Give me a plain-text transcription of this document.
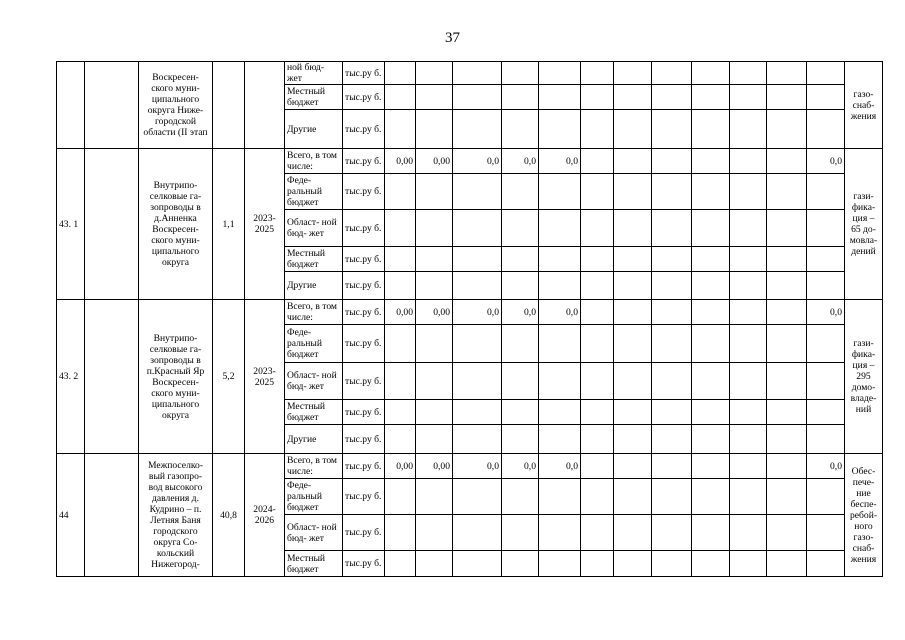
37
		Воскресен- ского муни- ципального округа Ниже- городской области (II этап			ной бюд- жет	тыс.ру б.													газо- снаб- жения
					Местный бюджет	тыс.ру б.													
					Другие	тыс.ру б.													
43. 1		Внутрипо- селковые га- зопроводы в д.Анненка Воскресен- ского муни- ципального округа	1,1	2023- 2025	Всего, в том числе:	тыс.ру б.	0,00	0,00	0,0	0,0	0,0							0,0	гази- фика- ция – 65 до- мовла- дений
					Феде- ральный бюджет	тыс.ру б.													
					Област- ной бюд- жет	тыс.ру б.													
					Местный бюджет	тыс.ру б.													
					Другие	тыс.ру б.													
43. 2		Внутрипо- селковые га- зопроводы в п.Красный Яр Воскресен- ского муни- ципального округа	5,2	2023- 2025	Всего, в том числе:	тыс.ру б.	0,00	0,00	0,0	0,0	0,0							0,0	гази- фика- ция – 295 домо- владе- ний
					Феде- ральный бюджет	тыс.ру б.													
					Област- ной бюд- жет	тыс.ру б.													
					Местный бюджет	тыс.ру б.													
					Другие	тыс.ру б.													
44		Межпоселко- вый газопро- вод высокого давления д. Кудрино – п. Летняя Баня городского округа Со- кольский Нижегород-	40,8	2024- 2026	Всего, в том числе:	тыс.ру б.	0,00	0,00	0,0	0,0	0,0							0,0	Обес- пече- ние беспе- ребой- ного газо- снаб- жения
					Феде- ральный бюджет	тыс.ру б.													
					Област- ной бюд- жет	тыс.ру б.													
					Местный бюджет	тыс.ру б.													
